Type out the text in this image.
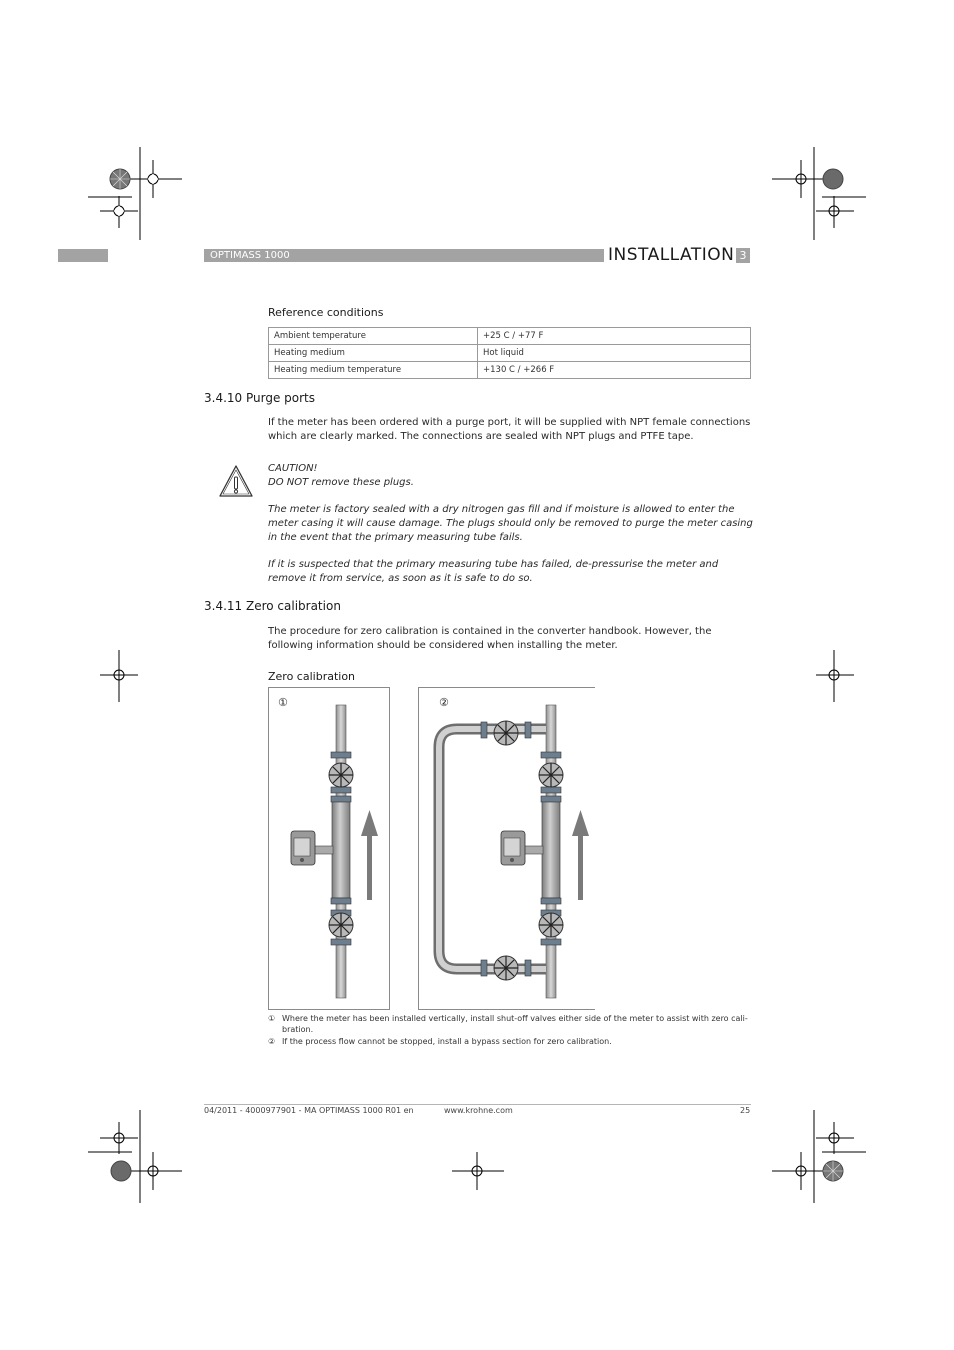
OPTIMASS 1000	INSTALLATION 3
Reference conditions
Ambient temperature	+25 C / +77 F
Heating medium	Hot liquid
Heating medium temperature	+130 C / +266 F
3.4.10 Purge ports
If the meter has been ordered with a purge port, it will be supplied with NPT female connections
which are clearly marked. The connections are sealed with NPT plugs and PTFE tape.
CAUTION!
DO NOT remove these plugs.
The meter is factory sealed with a dry nitrogen gas fill and if moisture is allowed to enter the
meter casing it will cause damage. The plugs should only be removed to purge the meter casing
in the event that the primary measuring tube fails.
If it is suspected that the primary measuring tube has failed, de-pressurise the meter and
remove it from service, as soon as it is safe to do so.
3.4.11 Zero calibration
The procedure for zero calibration is contained in the converter handbook. However, the
following information should be considered when installing the meter.
Zero calibration
①	②
① Where the meter has been installed vertically, install shut-off valves either side of the meter to assist with zero cali-
bration.
② If the process flow cannot be stopped, install a bypass section for zero calibration.
04/2011 - 4000977901 - MA OPTIMASS 1000 R01 en	www.krohne.com	25
